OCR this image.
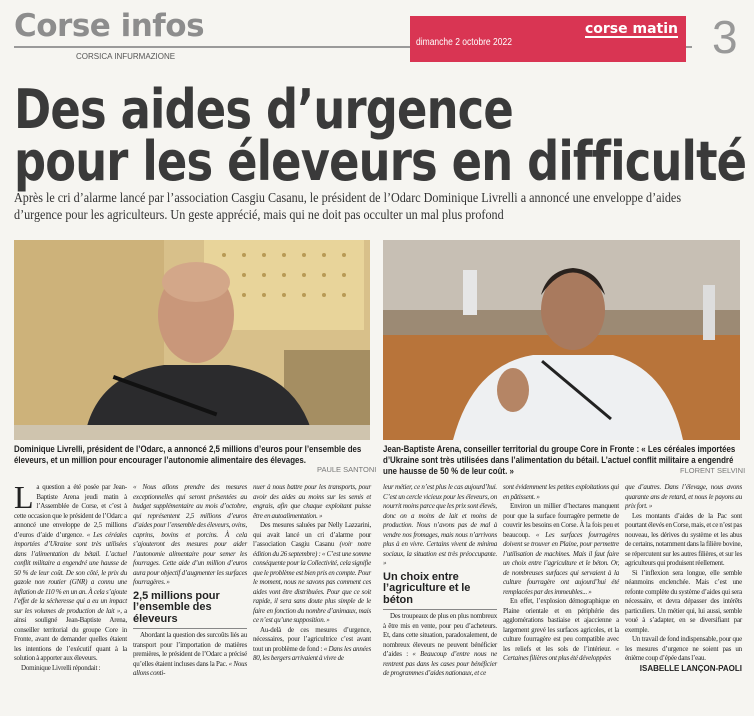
Corse infos
CORSICA INFURMAZIONE
dimanche 2 octobre 2022
corse matin 3
Des aides d’urgence
pour les éleveurs en difficulté
Après le cri d’alarme lancé par l’association Casgiu Casanu, le président de l’Odarc Dominique Livrelli a annoncé une enveloppe d’aides d’urgence pour les agriculteurs. Un geste apprécié, mais qui ne doit pas occulter un mal plus profond
Dominique Livrelli, président de l’Odarc, a annoncé 2,5 millions d’euros pour l’ensemble des éleveurs, et un million pour encourager l’autonomie alimentaire des élevages.
PAULE SANTONI
Jean-Baptiste Arena, conseiller territorial du groupe Core in Fronte : « Les céréales importées d’Ukraine sont très utilisées dans l’alimentation du bétail. L’actuel conflit militaire a engendré une hausse de 50 % de leur coût. »	FLORENT SELVINI

La question a été posée par Jean-Baptiste Arena jeudi matin à l’Assemblée de Corse, et c’est à cette occasion que le président de l’Odarc a annoncé une enveloppe de 2,5 millions d’euros d’aide d’urgence. « Les céréales importées d’Ukraine sont très utilisées dans l’alimentation du bétail. L’actuel conflit militaire a engendré une hausse de 50 % de leur coût. De son côté, le prix du gazole non routier (GNR) a connu une inflation de 110 % en un an. À cela s’ajoute l’effet de la sécheresse qui a eu un impact sur les volumes de production de lait », a ainsi souligné Jean-Baptiste Arena, conseiller territorial du groupe Core in Fronte, avant de demander quelles étaient les intentions de l’exécutif quant à la solution à apporter aux éleveurs.

Dominique Livrelli répondait :

« Nous allons prendre des mesures exceptionnelles qui seront présentées au budget supplémentaire au mois d’octobre, qui représentent 2,5 millions d’euros d’aides pour l’ensemble des éleveurs, ovins, caprins, bovins et porcins. À cela s’ajouteront des mesures pour aider l’autonomie alimentaire pour semer les fourrages. Cette aide d’un million d’euros aura pour objectif d’augmenter les surfaces fourragères. »

2,5 millions pour l’ensemble des éleveurs

Abordant la question des surcoûts liés au transport pour l’importation de matières premières, le président de l’Odarc a précisé qu’elles étaient incluses dans la Pac. « Nous allons conti-

nuer à nous battre pour les transports, pour avoir des aides au moins sur les semis et engrais, afin que chaque exploitant puisse être en autoalimentation. »

Des mesures saluées par Nelly Lazzarini, qui avait lancé un cri d’alarme pour l’association Casgiu Casanu (voir notre édition du 26 septembre) : « C’est une somme conséquente pour la Collectivité, cela signifie que le problème est bien pris en compte. Pour le moment, nous ne savons pas comment ces aides vont être distribuées. Pour que ce soit rapide, il sera sans doute plus simple de le faire en fonction du nombre d’animaux, mais ce n’est qu’une supposition. »

Au-delà de ces mesures d’urgence, nécessaires, pour l’agricultrice c’est avant tout un problème de fond : « Dans les années 80, les bergers arrivaient à vivre de

leur métier, ce n’est plus le cas aujourd’hui. C’est un cercle vicieux pour les éleveurs, on nourrit moins parce que les prix sont élevés, donc on a moins de lait et moins de production. Nous n’avons pas de mal à vendre nos fromages, mais nous n’arrivons plus à en vivre. Certains vivent de minima sociaux, la situation est très préoccupante. »

Un choix entre l’agriculture et le béton

Des troupeaux de plus en plus nombreux à être mis en vente, pour peu d’acheteurs. Et, dans cette situation, paradoxalement, de nombreux éleveurs ne peuvent bénéficier d’aides : « Beaucoup d’entre nous ne rentrent pas dans les cases pour bénéficier de programmes d’aides nationaux, et ce

sont évidemment les petites exploitations qui en pâtissent. »

Environ un millier d’hectares manquent pour que la surface fourragère permette de couvrir les besoins en Corse. À la fois peu et beaucoup. « Les surfaces fourragères doivent se trouver en Plaine, pour permettre l’utilisation de machines. Mais il faut faire un choix entre l’agriculture et le béton. Or, de nombreuses surfaces qui servaient à la culture fourragère ont aujourd’hui été remplacées par des immeubles... »

En effet, l’explosion démographique en Plaine orientale et en périphérie des agglomérations bastiaise et ajaccienne a largement grevé les surfaces agricoles, et la culture fourragère est peu compatible avec les reliefs et les sols de l’intérieur. « Certaines filières ont plus été développées

que d’autres. Dans l’élevage, nous avons quarante ans de retard, et nous le payons au prix fort. »

Les montants d’aides de la Pac sont pourtant élevés en Corse, mais, et ce n’est pas nouveau, les dérives du système et les abus de certains, notamment dans la filière bovine, se répercutent sur les autres filières, et sur les agriculteurs qui produisent réellement.

Si l’inflexion sera longue, elle semble néanmoins enclenchée. Mais c’est une refonte complète du système d’aides qui sera nécessaire, et devra dépasser des intérêts particuliers. Un métier qui, lui aussi, semble voué à s’adapter, en se diversifiant par exemple.

Un travail de fond indispensable, pour que les mesures d’urgence ne soient pas un énième coup d’épée dans l’eau.

ISABELLE LANÇON-PAOLI
